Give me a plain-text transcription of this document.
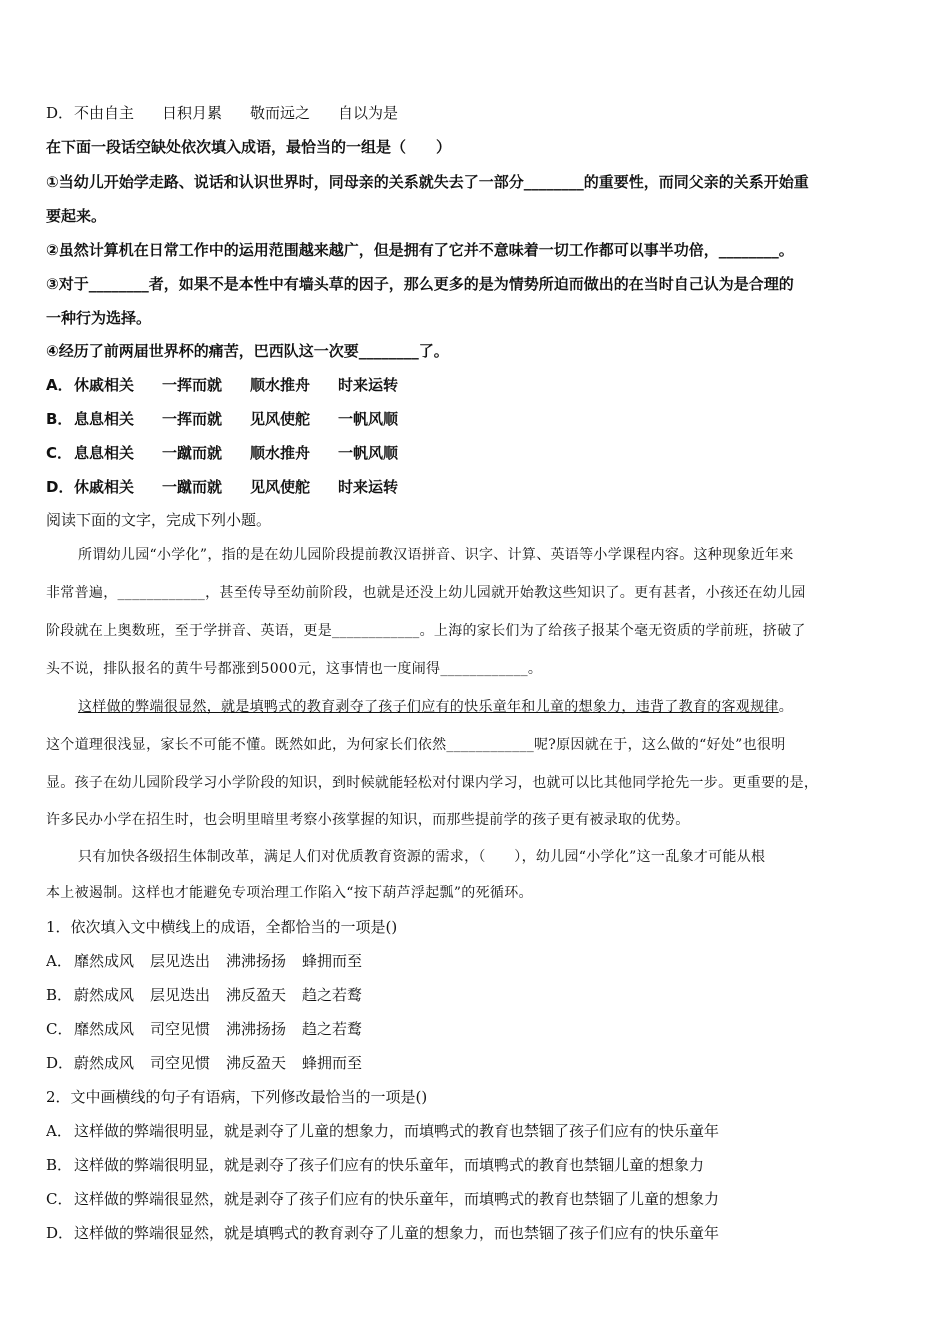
D．不由自主 日积月累 敬而远之 自以为是
在下面一段话空缺处依次填入成语，最恰当的一组是（　　）
①当幼儿开始学走路、说话和认识世界时，同母亲的关系就失去了一部分________的重要性，而同父亲的关系开始重
要起来。
②虽然计算机在日常工作中的运用范围越来越广，但是拥有了它并不意味着一切工作都可以事半功倍，________。
③对于________者，如果不是本性中有墙头草的因子，那么更多的是为情势所迫而做出的在当时自己认为是合理的
一种行为选择。
④经历了前两届世界杯的痛苦，巴西队这一次要________了。
A．休戚相关 一挥而就 顺水推舟 时来运转
B． 息息相关 一挥而就 见风使舵 一帆风顺
C． 息息相关 一蹴而就 顺水推舟 一帆风顺
D．休戚相关 一蹴而就 见风使舵 时来运转
阅读下面的文字，完成下列小题。
所谓幼儿园“小学化”，指的是在幼儿园阶段提前教汉语拼音、识字、计算、英语等小学课程内容。这种现象近年来
非常普遍，____________，甚至传导至幼前阶段，也就是还没上幼儿园就开始教这些知识了。更有甚者，小孩还在幼儿园
阶段就在上奥数班，至于学拼音、英语，更是____________。上海的家长们为了给孩子报某个毫无资质的学前班，挤破了
头不说，排队报名的黄牛号都涨到5000元，这事情也一度闹得____________。
这样做的弊端很显然，就是填鸭式的教育剥夺了孩子们应有的快乐童年和儿童的想象力，违背了教育的客观规律。
这个道理很浅显，家长不可能不懂。既然如此，为何家长们依然____________呢?原因就在于，这么做的“好处”也很明
显。孩子在幼儿园阶段学习小学阶段的知识，到时候就能轻松对付课内学习，也就可以比其他同学抢先一步。更重要的是，
许多民办小学在招生时，也会明里暗里考察小孩掌握的知识，而那些提前学的孩子更有被录取的优势。
只有加快各级招生体制改革，满足人们对优质教育资源的需求，（　　），幼儿园“小学化”这一乱象才可能从根
本上被遏制。这样也才能避免专项治理工作陷入“按下葫芦浮起瓢”的死循环。
1．依次填入文中横线上的成语，全都恰当的一项是()
A． 靡然成风 层见迭出 沸沸扬扬 蜂拥而至
B． 蔚然成风 层见迭出 沸反盈天 趋之若鹜
C． 靡然成风 司空见惯 沸沸扬扬 趋之若鹜
D．蔚然成风 司空见惯 沸反盈天 蜂拥而至
2．文中画横线的句子有语病，下列修改最恰当的一项是()
A． 这样做的弊端很明显，就是剥夺了儿童的想象力，而填鸭式的教育也禁锢了孩子们应有的快乐童年
B． 这样做的弊端很明显，就是剥夺了孩子们应有的快乐童年，而填鸭式的教育也禁锢儿童的想象力
C． 这样做的弊端很显然，就是剥夺了孩子们应有的快乐童年，而填鸭式的教育也禁锢了儿童的想象力
D．这样做的弊端很显然，就是填鸭式的教育剥夺了儿童的想象力，而也禁锢了孩子们应有的快乐童年
